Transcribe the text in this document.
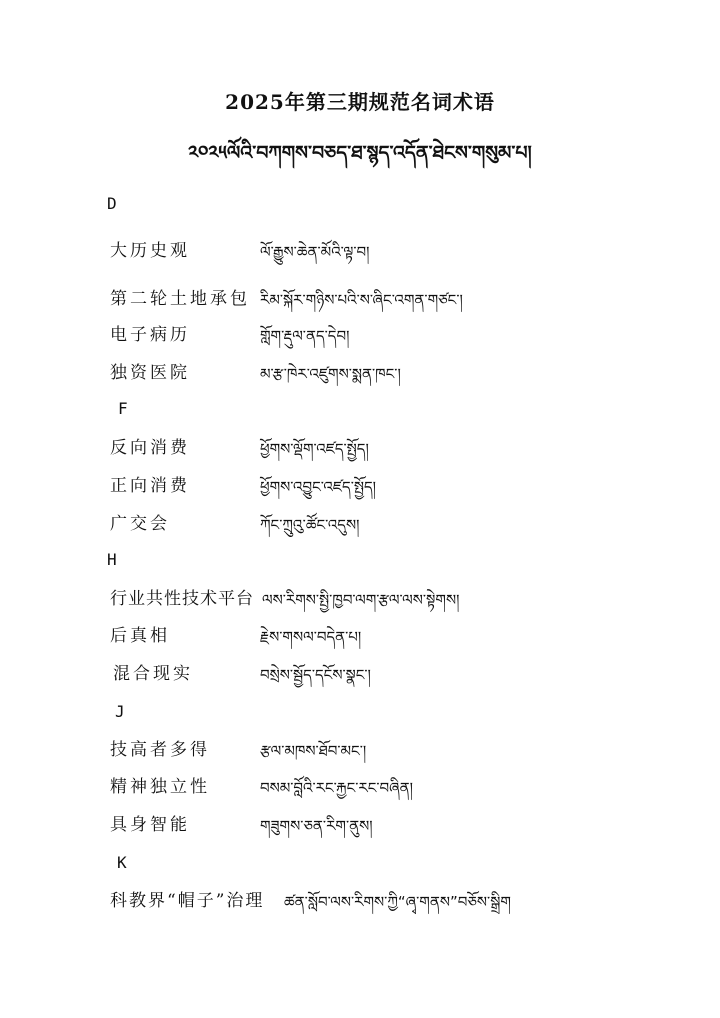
2025年第三期规范名词术语
༢༠༢༥ལོའི་བཀགས་བཅད་ཐ་སྙད་འདོན་ཐེངས་གསུམ་པ།
D
大历史观	ལོ་རྒྱུས་ཆེན་མོའི་ལྟ་བ།
第二轮土地承包 རིམ་སྐོར་གཉིས་པའི་ས་ཞིང་འགན་གཙང་།
电子病历	གློག་རྡུལ་ནད་དེབ།
独资医院	མ་རྩ་ཁེར་འཛུགས་སྨན་ཁང་།
F
反向消费	ཕྱོགས་ལྡོག་འཛད་སྤྱོད།
正向消费	ཕྱོགས་འབྱུང་འཛད་སྤྱོད།
广交会	ཀོང་ཀྲུའུ་ཚོང་འདུས།
H
行业共性技术平台 ལས་རིགས་སྤྱི་ཁྱབ་ལག་རྩལ་ལས་སྟེགས།
后真相	རྗེས་གསལ་བདེན་པ།
混合现实	བསྲེས་སྦྱོད་དངོས་སྣང་།
J
技高者多得	རྩལ་མཁས་ཐོབ་མང་།
精神独立性	བསམ་བློའི་རང་རྐྱང་རང་བཞིན།
具身智能	གཟུགས་ཅན་རིག་ནུས།
K
科教界“帽子”治理 ཚན་སློབ་ལས་རིགས་ཀྱི“ཞྭ་གནས”བཅོས་སྒྲིག
